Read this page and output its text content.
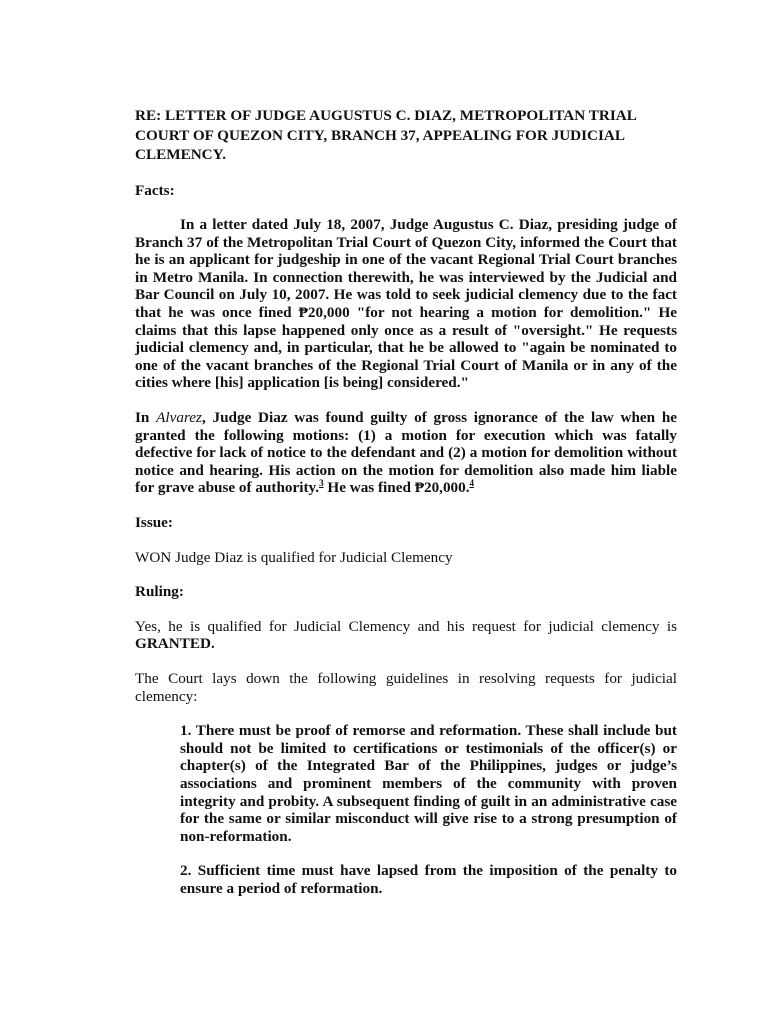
RE: LETTER OF JUDGE AUGUSTUS C. DIAZ, METROPOLITAN TRIAL COURT OF QUEZON CITY, BRANCH 37, APPEALING FOR JUDICIAL CLEMENCY.
Facts:

In a letter dated July 18, 2007, Judge Augustus C. Diaz, presiding judge of Branch 37 of the Metropolitan Trial Court of Quezon City, informed the Court that he is an applicant for judgeship in one of the vacant Regional Trial Court branches in Metro Manila. In connection therewith, he was interviewed by the Judicial and Bar Council on July 10, 2007. He was told to seek judicial clemency due to the fact that he was once fined ₱20,000 "for not hearing a motion for demolition." He claims that this lapse happened only once as a result of "oversight." He requests judicial clemency and, in particular, that he be allowed to "again be nominated to one of the vacant branches of the Regional Trial Court of Manila or in any of the cities where [his] application [is being] considered."

In Alvarez, Judge Diaz was found guilty of gross ignorance of the law when he granted the following motions: (1) a motion for execution which was fatally defective for lack of notice to the defendant and (2) a motion for demolition without notice and hearing. His action on the motion for demolition also made him liable for grave abuse of authority.$^3$ He was fined ₱20,000.$^4$

Issue:

WON Judge Diaz is qualified for Judicial Clemency

Ruling:

Yes, he is qualified for Judicial Clemency and his request for judicial clemency is GRANTED.

The Court lays down the following guidelines in resolving requests for judicial clemency:

1. There must be proof of remorse and reformation. These shall include but should not be limited to certifications or testimonials of the officer(s) or chapter(s) of the Integrated Bar of the Philippines, judges or judge’s associations and prominent members of the community with proven integrity and probity. A subsequent finding of guilt in an administrative case for the same or similar misconduct will give rise to a strong presumption of non-reformation.
2. Sufficient time must have lapsed from the imposition of the penalty to ensure a period of reformation.
